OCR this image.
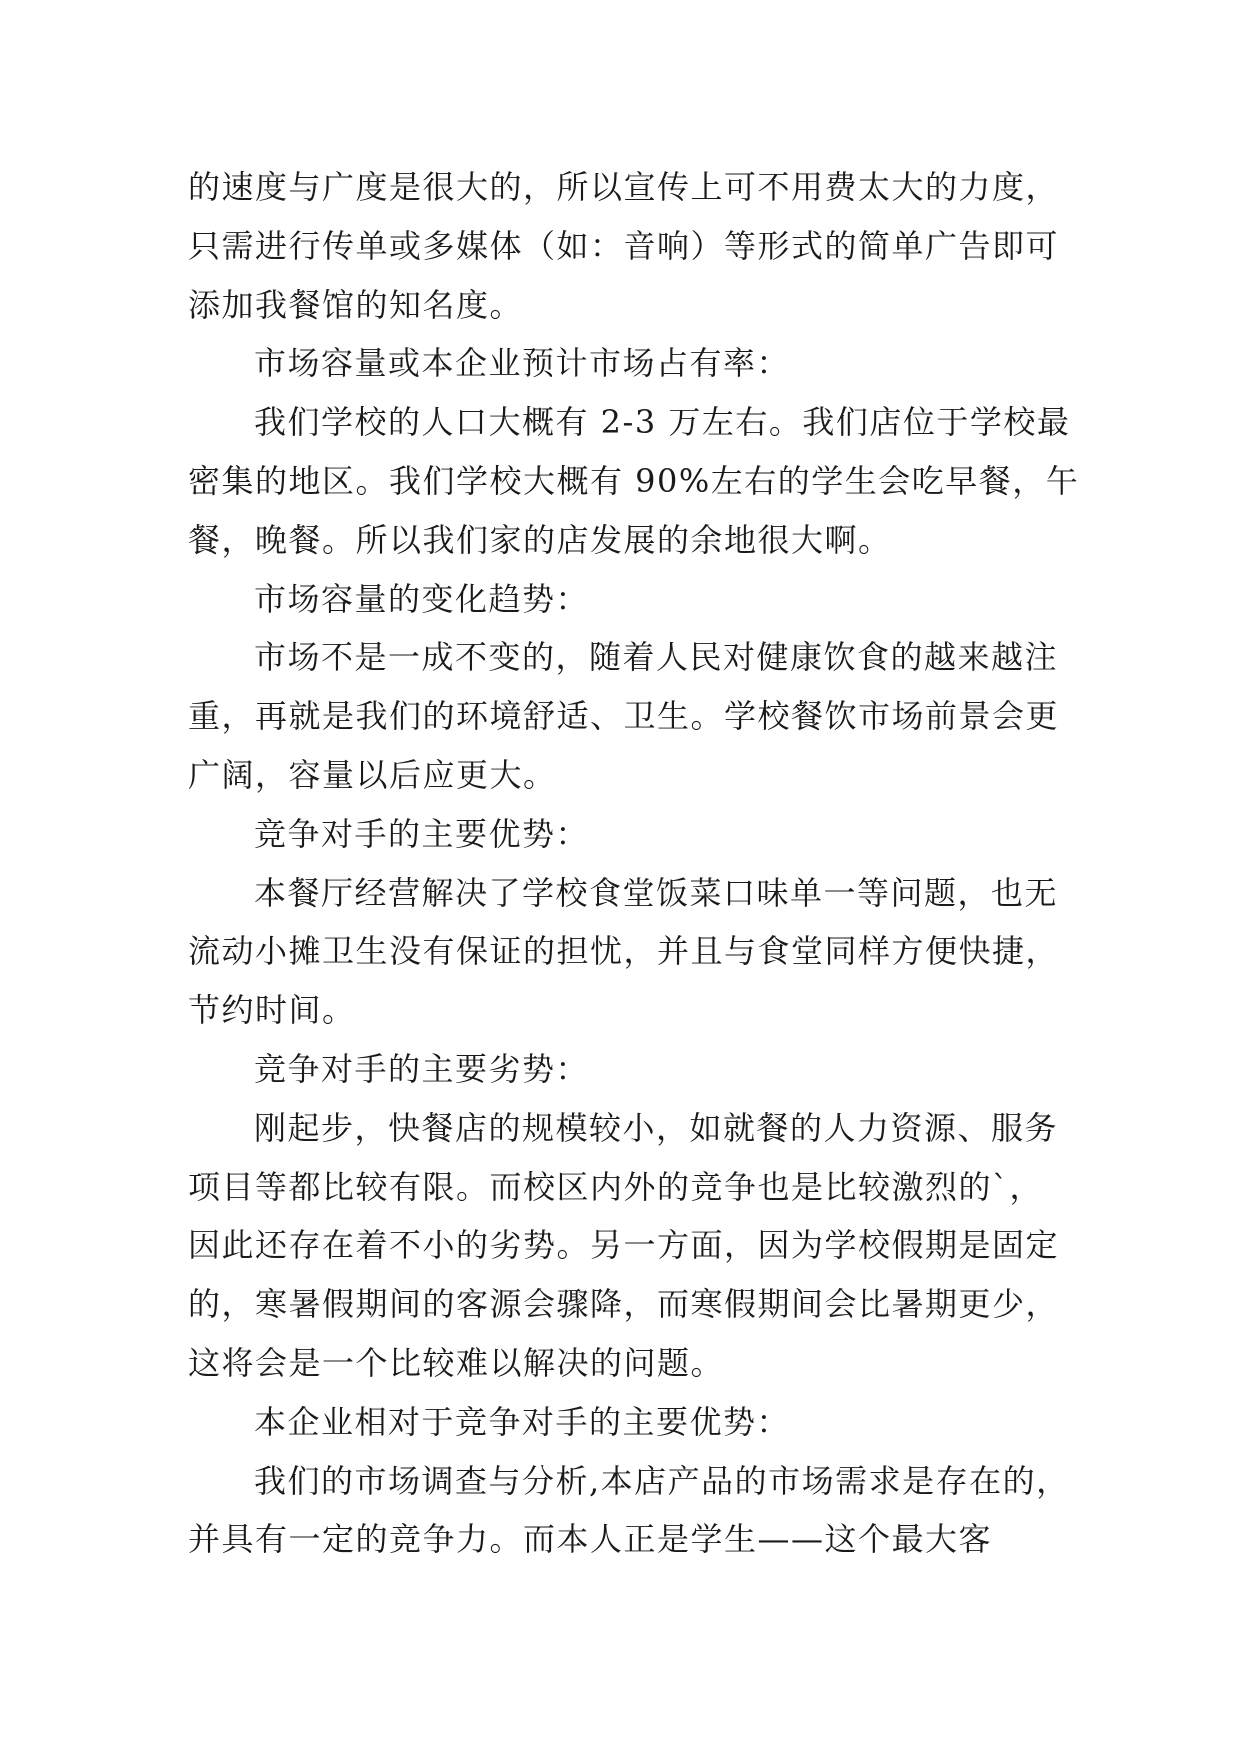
的速度与广度是很大的，所以宣传上可不用费太大的力度，
只需进行传单或多媒体（如：音响）等形式的简单广告即可
添加我餐馆的知名度。
市场容量或本企业预计市场占有率：
我们学校的人口大概有 2-3 万左右。我们店位于学校最
密集的地区。我们学校大概有 90%左右的学生会吃早餐，午
餐，晚餐。所以我们家的店发展的余地很大啊。
市场容量的变化趋势：
市场不是一成不变的，随着人民对健康饮食的越来越注
重，再就是我们的环境舒适、卫生。学校餐饮市场前景会更
广阔，容量以后应更大。
竞争对手的主要优势：
本餐厅经营解决了学校食堂饭菜口味单一等问题，也无
流动小摊卫生没有保证的担忧，并且与食堂同样方便快捷，
节约时间。
竞争对手的主要劣势：
刚起步，快餐店的规模较小，如就餐的人力资源、服务
项目等都比较有限。而校区内外的竞争也是比较激烈的`，
因此还存在着不小的劣势。另一方面，因为学校假期是固定
的，寒暑假期间的客源会骤降，而寒假期间会比暑期更少，
这将会是一个比较难以解决的问题。
本企业相对于竞争对手的主要优势：
我们的市场调查与分析,本店产品的市场需求是存在的，
并具有一定的竞争力。而本人正是学生——这个最大客
